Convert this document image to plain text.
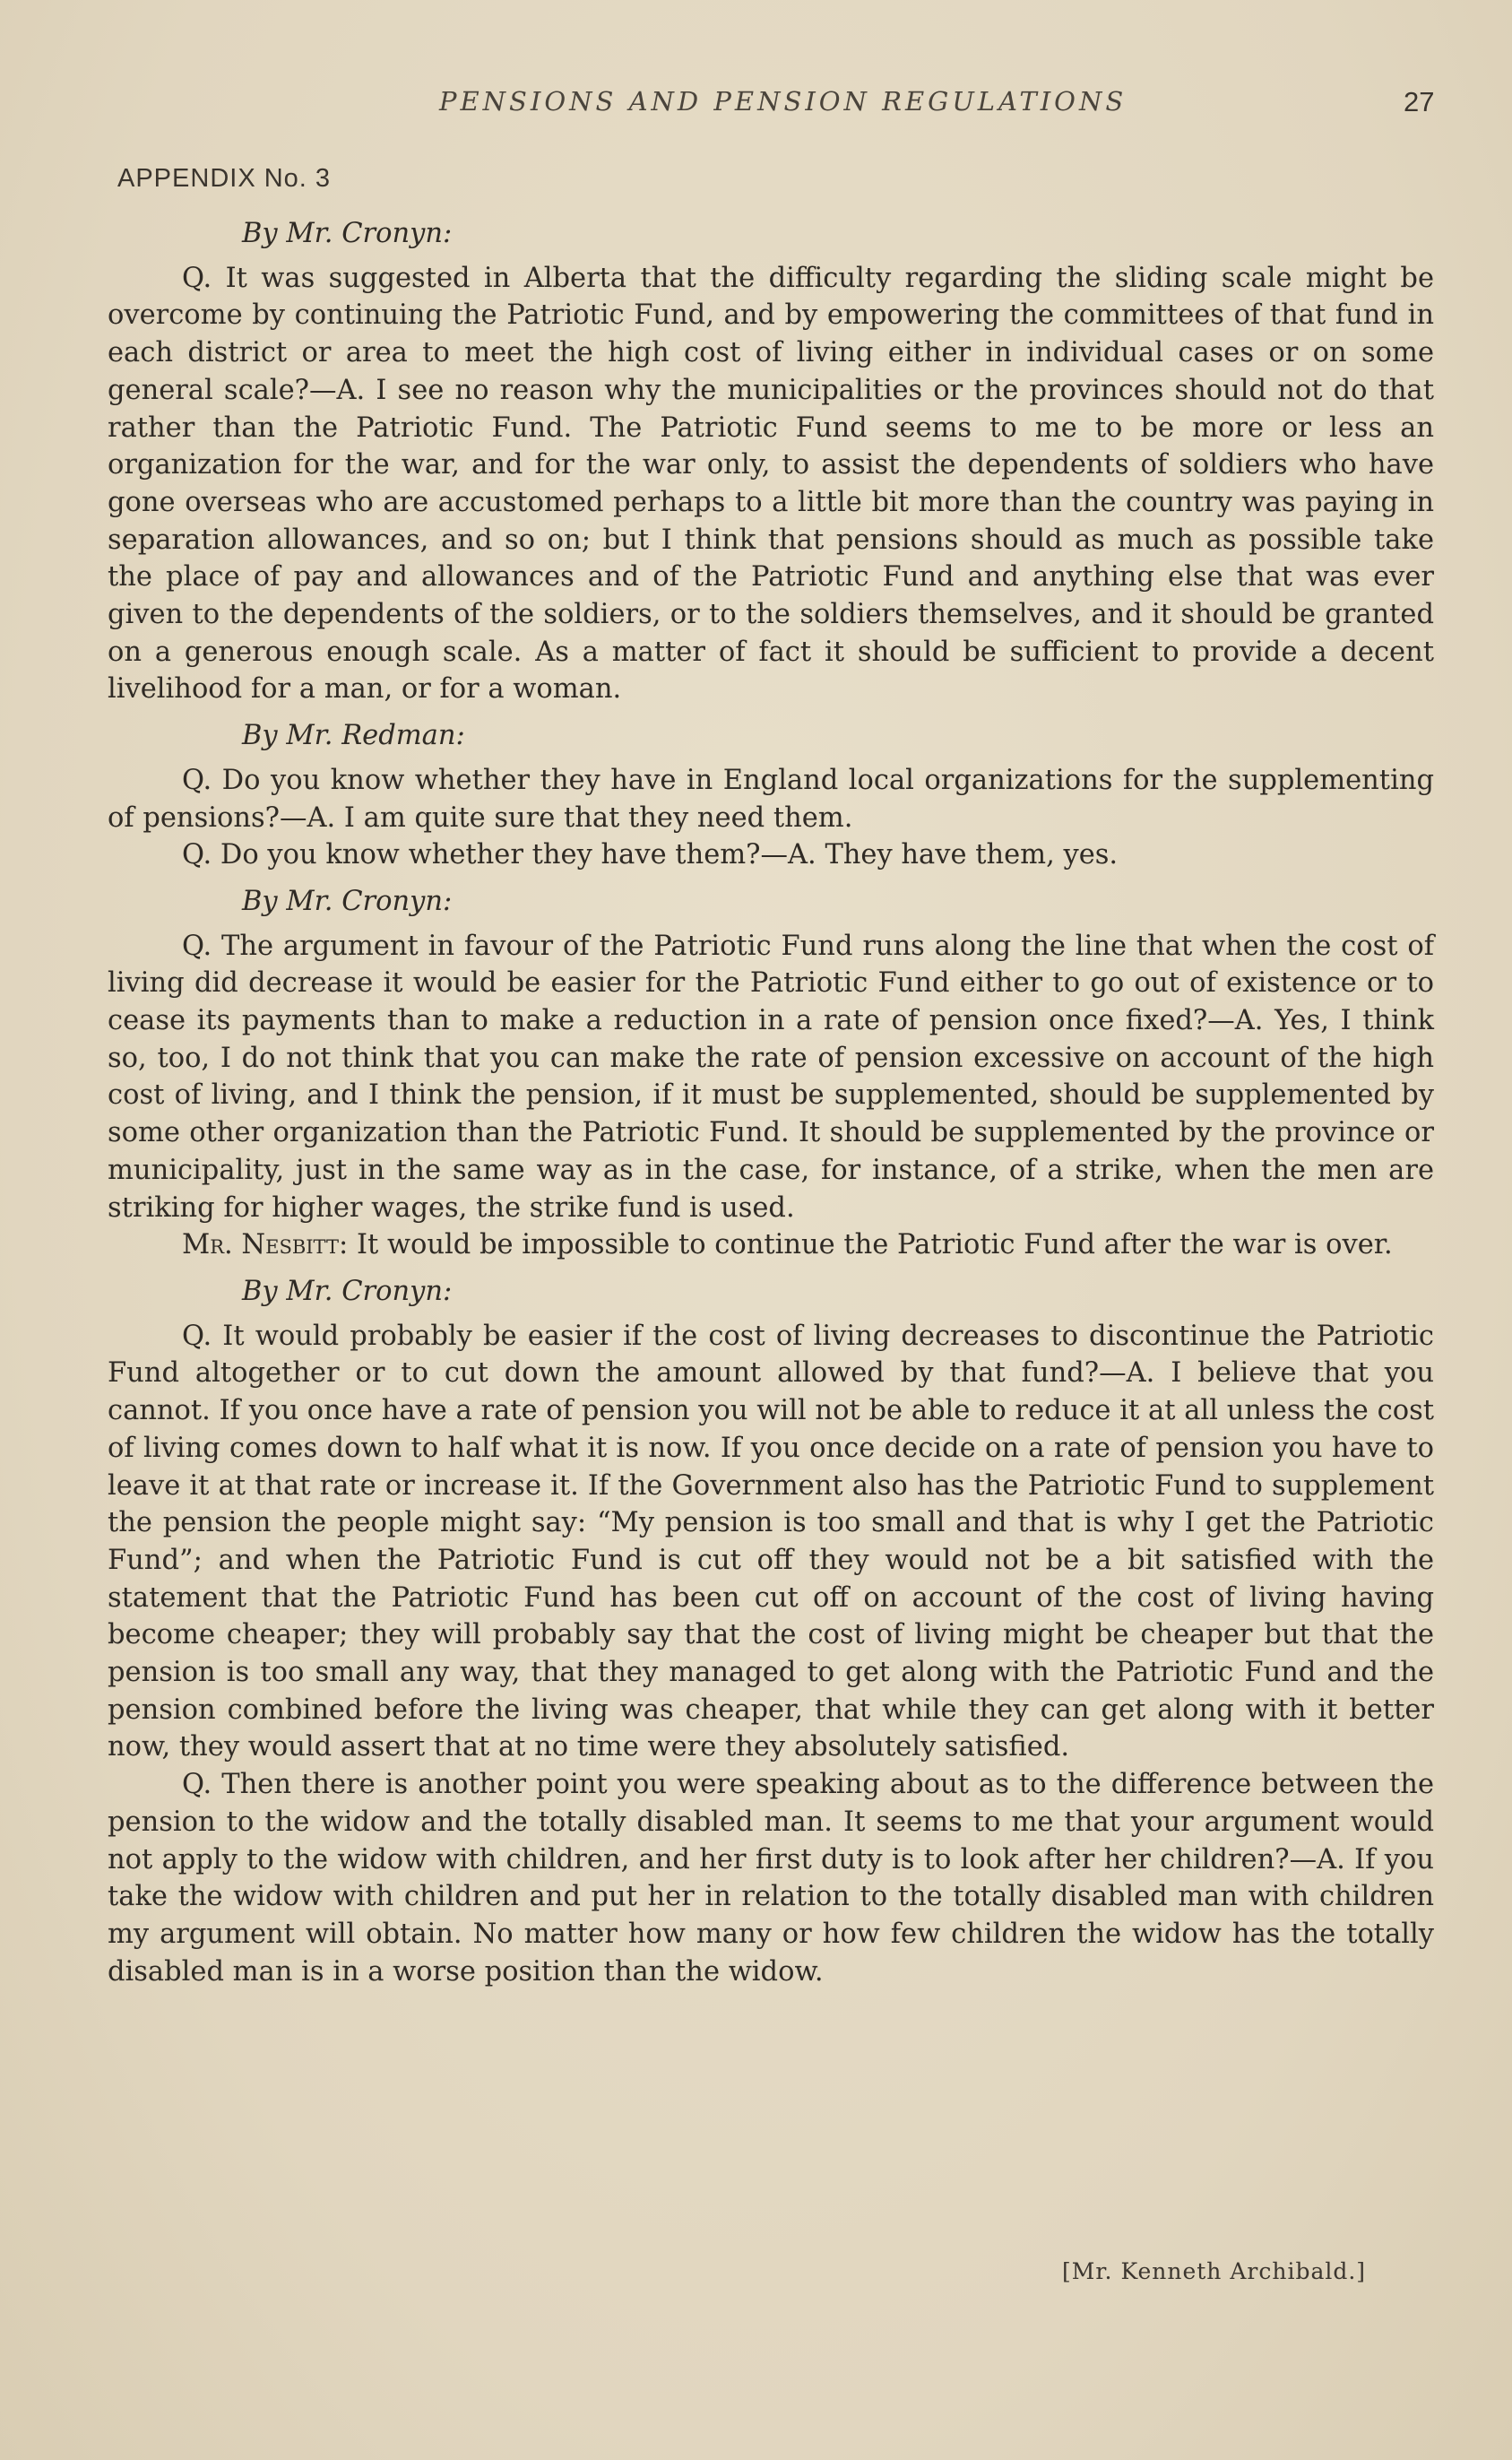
PENSIONS AND PENSION REGULATIONS	27
APPENDIX No. 3

By Mr. Cronyn:

Q. It was suggested in Alberta that the difficulty regarding the sliding scale might be overcome by continuing the Patriotic Fund, and by empowering the committees of that fund in each district or area to meet the high cost of living either in individual cases or on some general scale?—A. I see no reason why the municipalities or the provinces should not do that rather than the Patriotic Fund. The Patriotic Fund seems to me to be more or less an organization for the war, and for the war only, to assist the dependents of soldiers who have gone overseas who are accustomed perhaps to a little bit more than the country was paying in separation allowances, and so on; but I think that pensions should as much as possible take the place of pay and allowances and of the Patriotic Fund and anything else that was ever given to the dependents of the soldiers, or to the soldiers themselves, and it should be granted on a generous enough scale. As a matter of fact it should be sufficient to provide a decent livelihood for a man, or for a woman.

By Mr. Redman:

Q. Do you know whether they have in England local organizations for the supplementing of pensions?—A. I am quite sure that they need them.

Q. Do you know whether they have them?—A. They have them, yes.

By Mr. Cronyn:

Q. The argument in favour of the Patriotic Fund runs along the line that when the cost of living did decrease it would be easier for the Patriotic Fund either to go out of existence or to cease its payments than to make a reduction in a rate of pension once fixed?—A. Yes, I think so, too, I do not think that you can make the rate of pension excessive on account of the high cost of living, and I think the pension, if it must be supplemented, should be supplemented by some other organization than the Patriotic Fund. It should be supplemented by the province or municipality, just in the same way as in the case, for instance, of a strike, when the men are striking for higher wages, the strike fund is used.

Mr. Nesbitt: It would be impossible to continue the Patriotic Fund after the war is over.

By Mr. Cronyn:

Q. It would probably be easier if the cost of living decreases to discontinue the Patriotic Fund altogether or to cut down the amount allowed by that fund?—A. I believe that you cannot. If you once have a rate of pension you will not be able to reduce it at all unless the cost of living comes down to half what it is now. If you once decide on a rate of pension you have to leave it at that rate or increase it. If the Government also has the Patriotic Fund to supplement the pension the people might say: “My pension is too small and that is why I get the Patriotic Fund”; and when the Patriotic Fund is cut off they would not be a bit satisfied with the statement that the Patriotic Fund has been cut off on account of the cost of living having become cheaper; they will probably say that the cost of living might be cheaper but that the pension is too small any way, that they managed to get along with the Patriotic Fund and the pension combined before the living was cheaper, that while they can get along with it better now, they would assert that at no time were they absolutely satisfied.

Q. Then there is another point you were speaking about as to the difference between the pension to the widow and the totally disabled man. It seems to me that your argument would not apply to the widow with children, and her first duty is to look after her children?—A. If you take the widow with children and put her in relation to the totally disabled man with children my argument will obtain. No matter how many or how few children the widow has the totally disabled man is in a worse position than the widow.

[Mr. Kenneth Archibald.]
